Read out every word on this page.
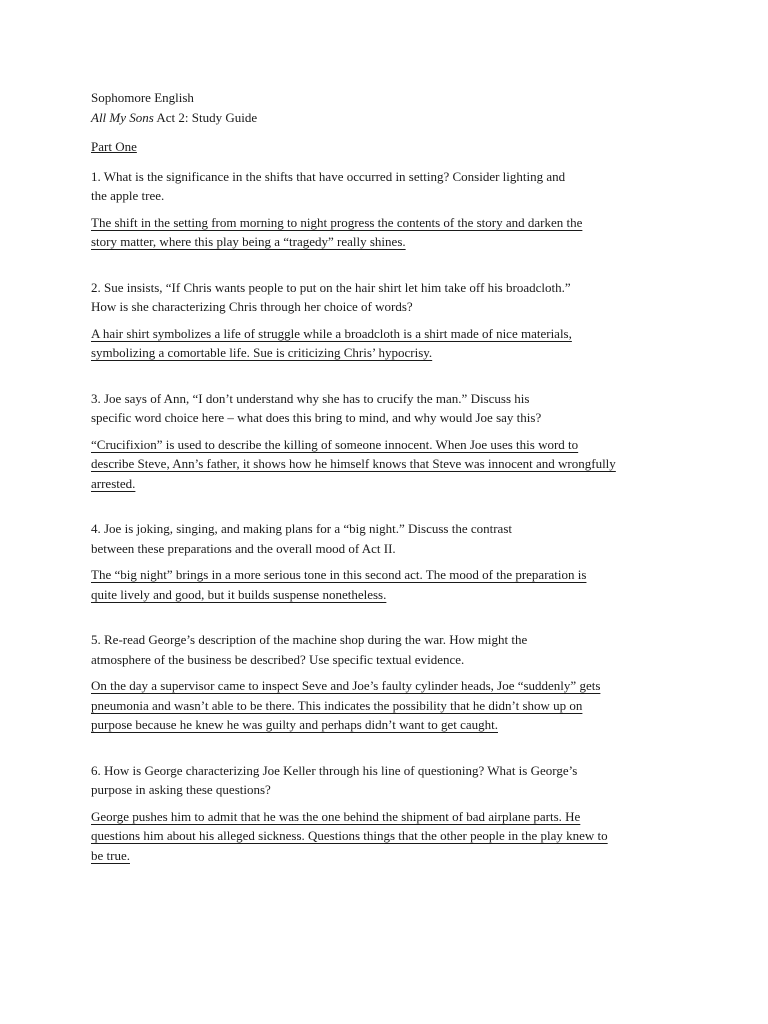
Sophomore English
All My Sons Act 2: Study Guide
Part One
1. What is the significance in the shifts that have occurred in setting? Consider lighting and
the apple tree.
The shift in the setting from morning to night progress the contents of the story and darken the
story matter, where this play being a “tragedy” really shines.
2. Sue insists, “If Chris wants people to put on the hair shirt let him take off his broadcloth.”
How is she characterizing Chris through her choice of words?
A hair shirt symbolizes a life of struggle while a broadcloth is a shirt made of nice materials,
symbolizing a comortable life. Sue is criticizing Chris’ hypocrisy.
3. Joe says of Ann, “I don’t understand why she has to crucify the man.” Discuss his
specific word choice here – what does this bring to mind, and why would Joe say this?
“Crucifixion” is used to describe the killing of someone innocent. When Joe uses this word to
describe Steve, Ann’s father, it shows how he himself knows that Steve was innocent and wrongfully
arrested.
4. Joe is joking, singing, and making plans for a “big night.” Discuss the contrast
between these preparations and the overall mood of Act II.
The “big night” brings in a more serious tone in this second act. The mood of the preparation is
quite lively and good, but it builds suspense nonetheless.
5. Re-read George’s description of the machine shop during the war. How might the
atmosphere of the business be described? Use specific textual evidence.
On the day a supervisor came to inspect Seve and Joe’s faulty cylinder heads, Joe “suddenly” gets
pneumonia and wasn’t able to be there. This indicates the possibility that he didn’t show up on
purpose because he knew he was guilty and perhaps didn’t want to get caught.
6. How is George characterizing Joe Keller through his line of questioning? What is George’s
purpose in asking these questions?
George pushes him to admit that he was the one behind the shipment of bad airplane parts. He
questions him about his alleged sickness. Questions things that the other people in the play knew to
be true.
